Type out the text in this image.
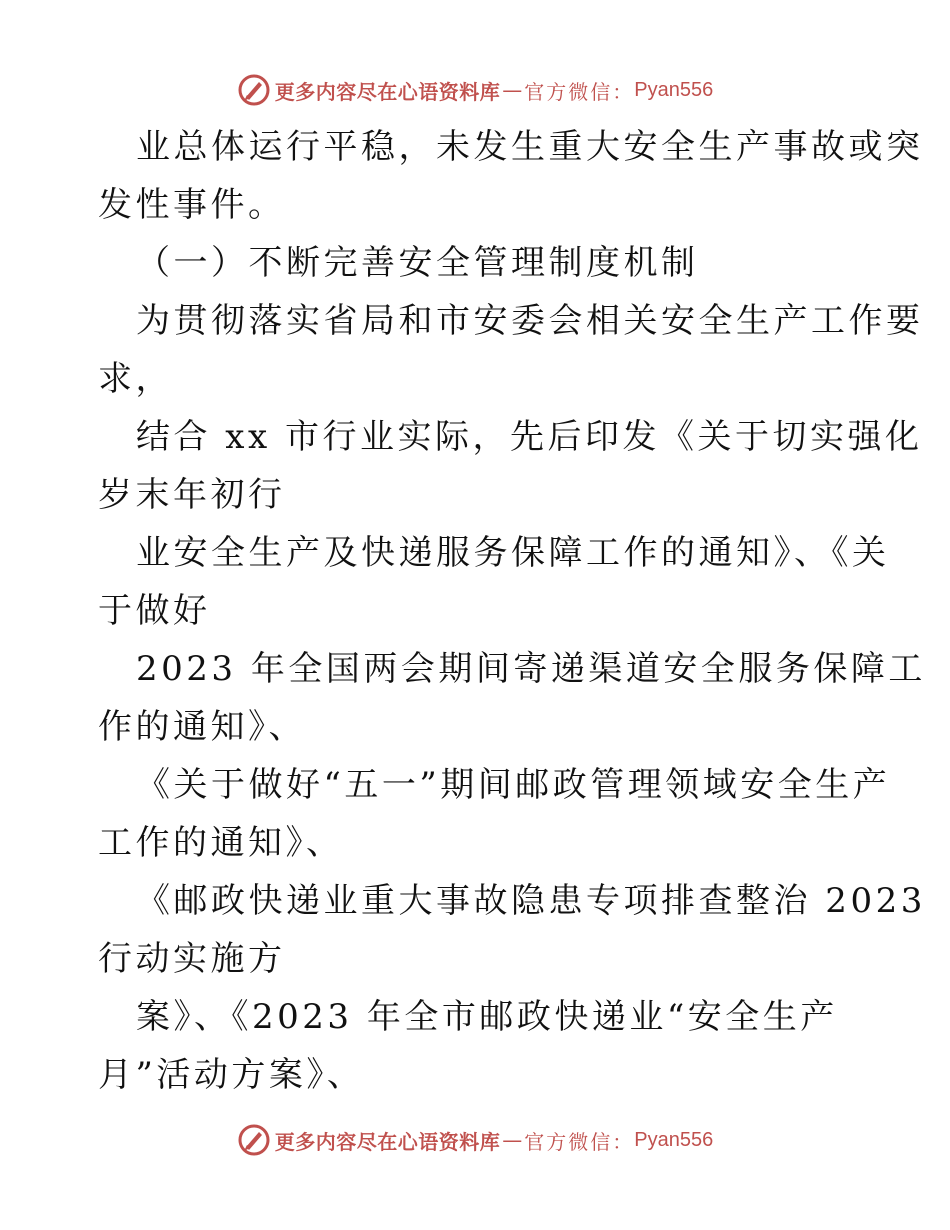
更多内容尽在心语资料库 — 官方微信： Pyan556

业总体运行平稳，未发生重大安全生产事故或突

发性事件。

（一）不断完善安全管理制度机制

为贯彻落实省局和市安委会相关安全生产工作要

求，

结合 xx 市行业实际，先后印发《关于切实强化

岁末年初行

业安全生产及快递服务保障工作的通知》、《关

于做好

2023 年全国两会期间寄递渠道安全服务保障工

作的通知》、

《关于做好“五一”期间邮政管理领域安全生产

工作的通知》、

《邮政快递业重大事故隐患专项排查整治 2023

行动实施方

案》、《2023 年全市邮政快递业“安全生产

月”活动方案》、

更多内容尽在心语资料库 — 官方微信： Pyan556
